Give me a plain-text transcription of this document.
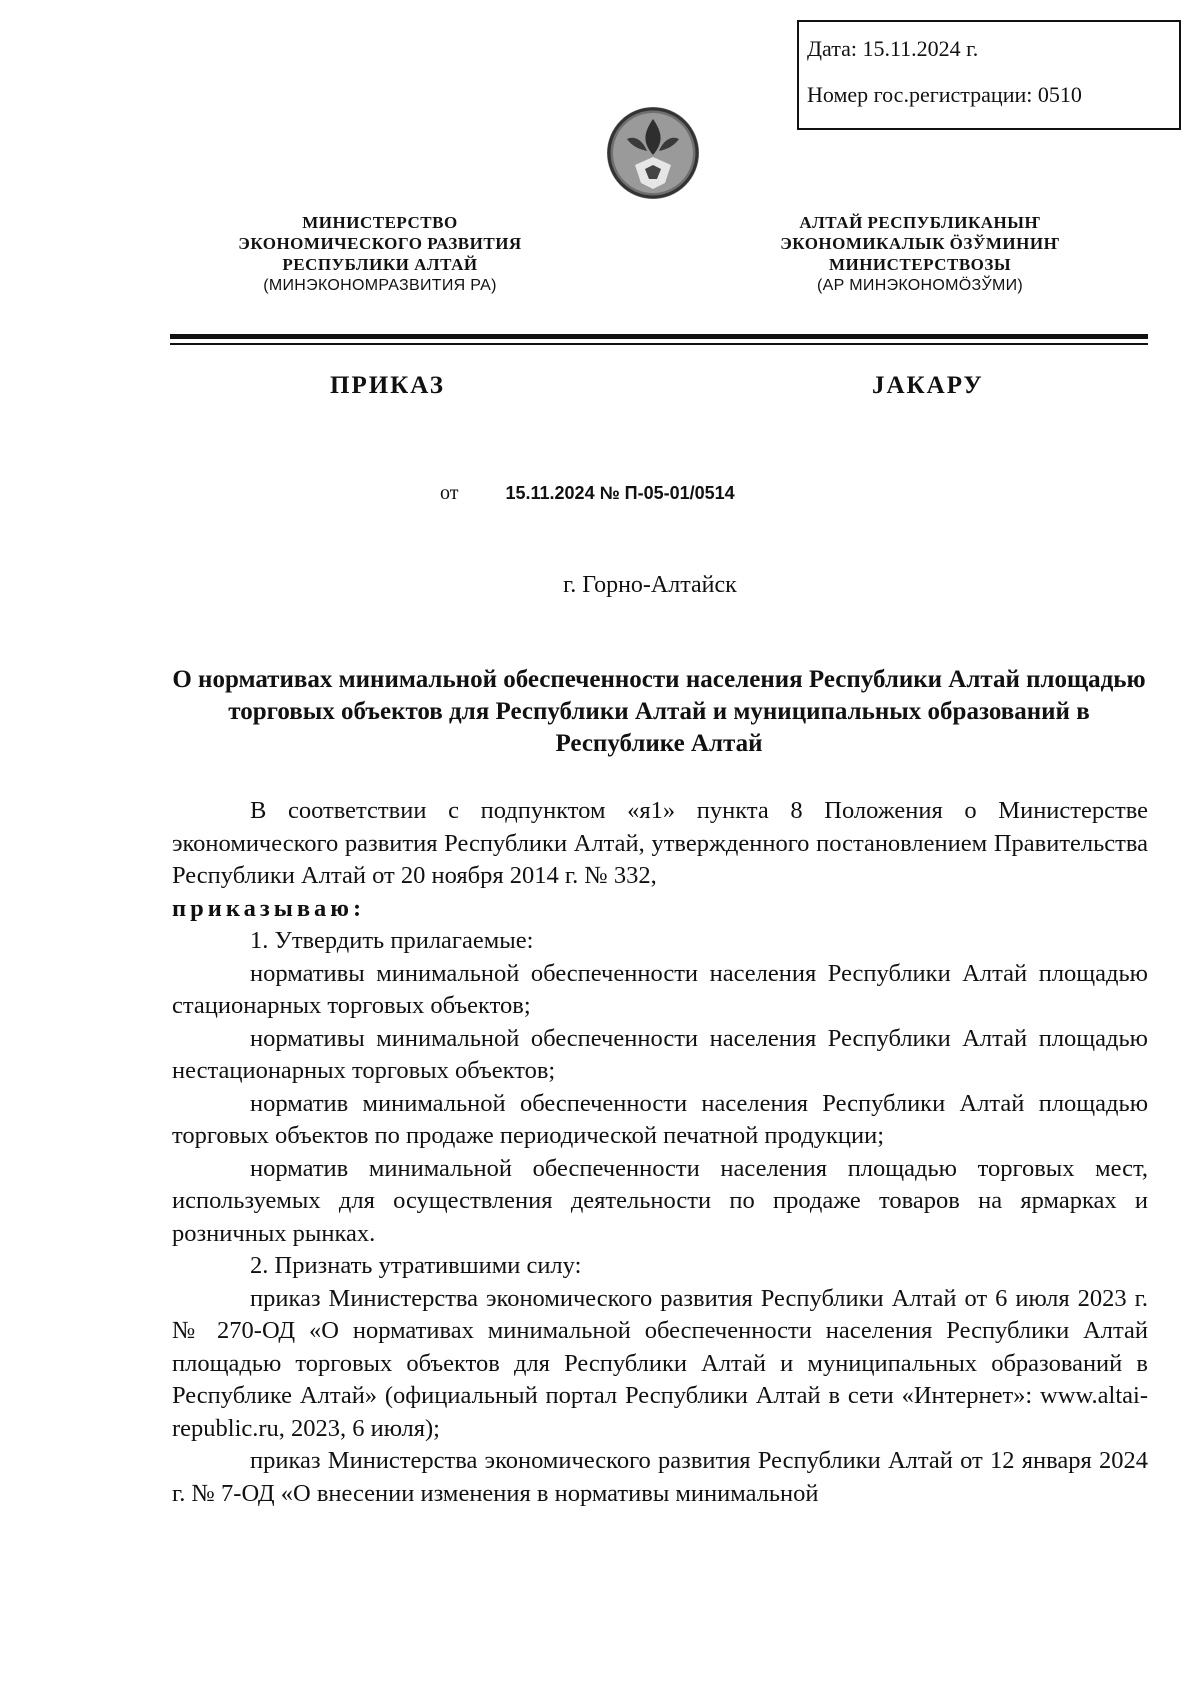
Дата: 15.11.2024 г.
Номер гос.регистрации: 0510
МИНИСТЕРСТВО
ЭКОНОМИЧЕСКОГО РАЗВИТИЯ
РЕСПУБЛИКИ АЛТАЙ
(МИНЭКОНОМРАЗВИТИЯ РА)
АЛТАЙ РЕСПУБЛИКАНЫҤ
ЭКОНОМИКАЛЫК ÖЗЎМИНИҤ
МИНИСТЕРСТВОЗЫ
(АР МИНЭКОНОМÖЗЎМИ)
ПРИКАЗ	JАКАРУ
от	15.11.2024 № П-05-01/0514
г. Горно-Алтайск
О нормативах минимальной обеспеченности населения Республики Алтай площадью торговых объектов для Республики Алтай и муниципальных образований в Республике Алтай

В соответствии с подпунктом «я1» пункта 8 Положения о Министерстве экономического развития Республики Алтай, утвержденного постановлением Правительства Республики Алтай от 20 ноября 2014 г. № 332,

приказываю:

1. Утвердить прилагаемые:

нормативы минимальной обеспеченности населения Республики Алтай площадью стационарных торговых объектов;

нормативы минимальной обеспеченности населения Республики Алтай площадью нестационарных торговых объектов;

норматив минимальной обеспеченности населения Республики Алтай площадью торговых объектов по продаже периодической печатной продукции;

норматив минимальной обеспеченности населения площадью торговых мест, используемых для осуществления деятельности по продаже товаров на ярмарках и розничных рынках.

2. Признать утратившими силу:

приказ Министерства экономического развития Республики Алтай от 6 июля 2023 г. № 270-ОД «О нормативах минимальной обеспеченности населения Республики Алтай площадью торговых объектов для Республики Алтай и муниципальных образований в Республике Алтай» (официальный портал Республики Алтай в сети «Интернет»: www.altai-republic.ru, 2023, 6 июля);

приказ Министерства экономического развития Республики Алтай от 12 января 2024 г. № 7-ОД «О внесении изменения в нормативы минимальной
